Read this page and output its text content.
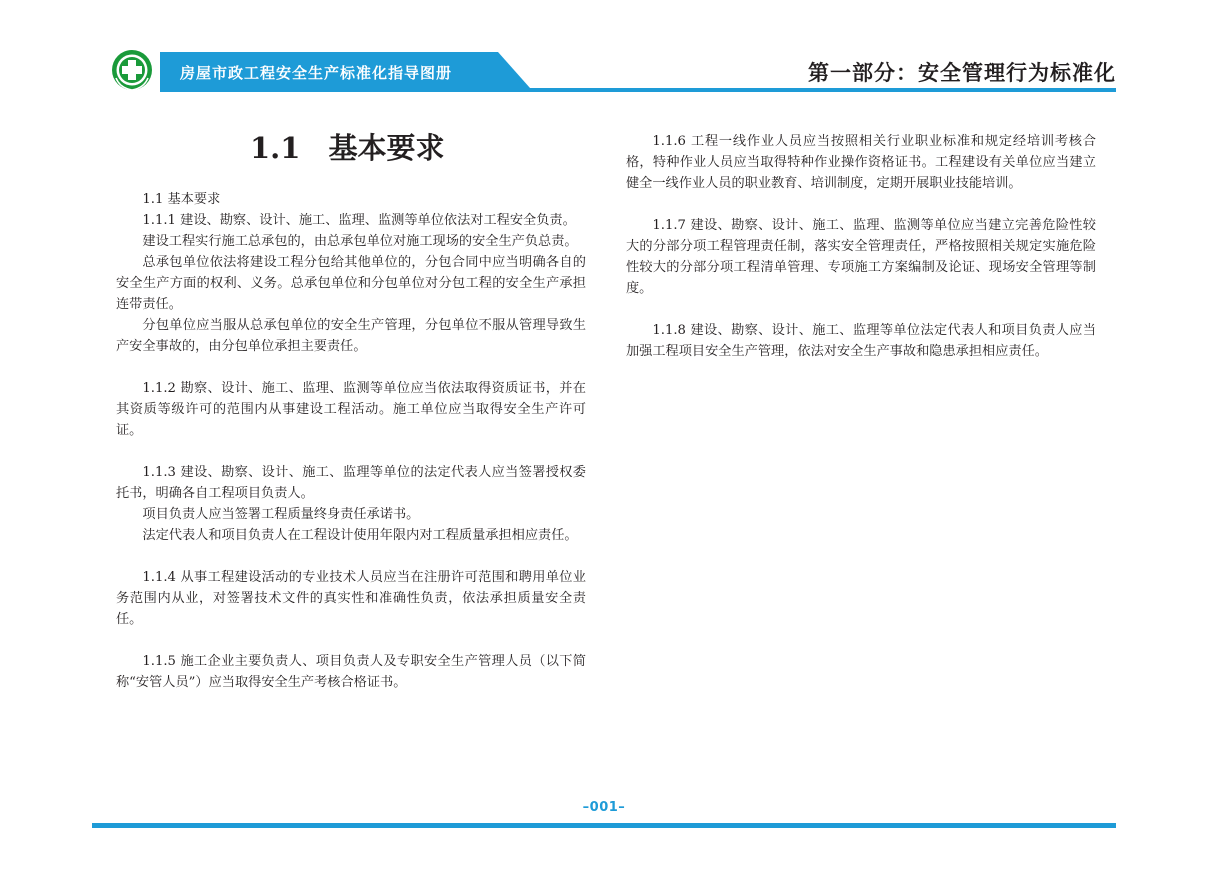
房屋市政工程安全生产标准化指导图册	第一部分：安全管理行为标准化
1.1 基本要求

1.1 基本要求

1.1.1 建设、勘察、设计、施工、监理、监测等单位依法对工程安全负责。

建设工程实行施工总承包的，由总承包单位对施工现场的安全生产负总责。

总承包单位依法将建设工程分包给其他单位的，分包合同中应当明确各自的安全生产方面的权利、义务。总承包单位和分包单位对分包工程的安全生产承担连带责任。

分包单位应当服从总承包单位的安全生产管理，分包单位不服从管理导致生产安全事故的，由分包单位承担主要责任。

1.1.2 勘察、设计、施工、监理、监测等单位应当依法取得资质证书，并在其资质等级许可的范围内从事建设工程活动。施工单位应当取得安全生产许可证。

1.1.3 建设、勘察、设计、施工、监理等单位的法定代表人应当签署授权委托书，明确各自工程项目负责人。

项目负责人应当签署工程质量终身责任承诺书。

法定代表人和项目负责人在工程设计使用年限内对工程质量承担相应责任。

1.1.4 从事工程建设活动的专业技术人员应当在注册许可范围和聘用单位业务范围内从业，对签署技术文件的真实性和准确性负责，依法承担质量安全责任。

1.1.5 施工企业主要负责人、项目负责人及专职安全生产管理人员（以下简称“安管人员”）应当取得安全生产考核合格证书。

1.1.6 工程一线作业人员应当按照相关行业职业标准和规定经培训考核合格，特种作业人员应当取得特种作业操作资格证书。工程建设有关单位应当建立健全一线作业人员的职业教育、培训制度，定期开展职业技能培训。

1.1.7 建设、勘察、设计、施工、监理、监测等单位应当建立完善危险性较大的分部分项工程管理责任制，落实安全管理责任，严格按照相关规定实施危险性较大的分部分项工程清单管理、专项施工方案编制及论证、现场安全管理等制度。

1.1.8 建设、勘察、设计、施工、监理等单位法定代表人和项目负责人应当加强工程项目安全生产管理，依法对安全生产事故和隐患承担相应责任。

–001–
